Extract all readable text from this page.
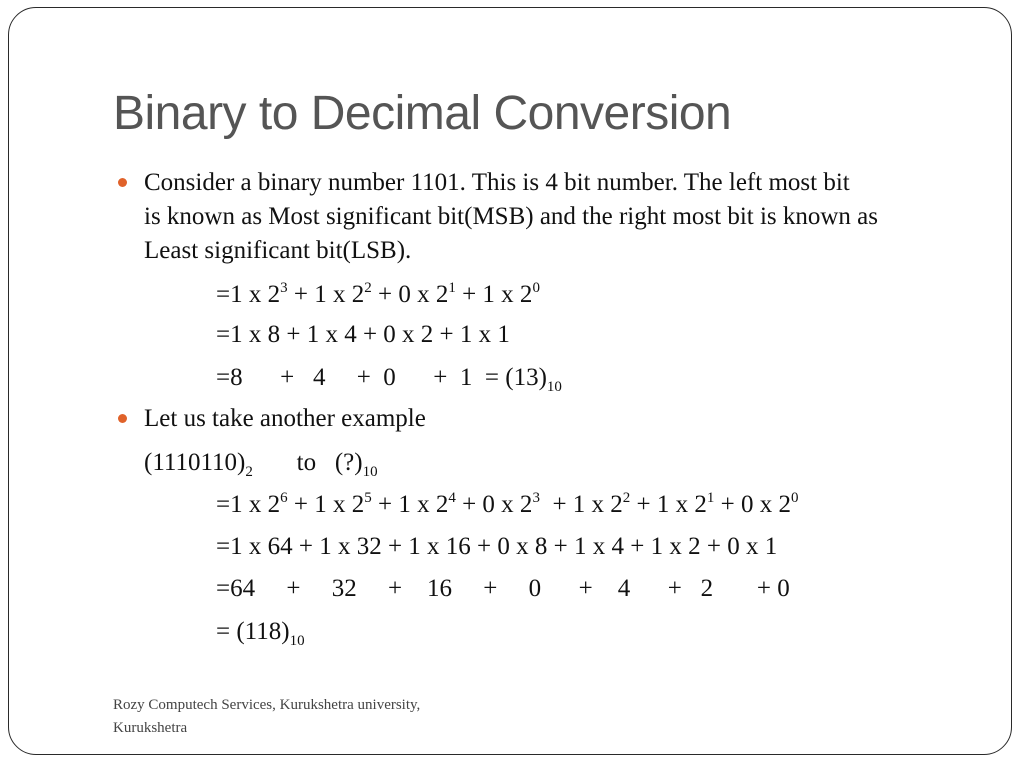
Binary to Decimal Conversion
Consider a binary number 1101. This is 4 bit number. The left most bit
is known as Most significant bit(MSB) and the right most bit is known as
Least significant bit(LSB).
=1 x $2^3 + 1$ x $2^2 + 0$ x $2^1 + 1$ x $2^0$
=1 x 8 + 1 x 4 + 0 x 2 + 1 x 1
=8      +   4     +  0      +  $1 = (13)_{10}$
Let us take another example
$(1110110)_2$       to   $(?)_{10}$
=1 x $2^6 + 1$ x $2^5 + 1$ x $2^4 + 0$ x $2^3 + 1$ x $2^2 + 1$ x $2^1 + 0$ x $2^0$
=1 x 64 + 1 x 32 + 1 x 16 + 0 x 8 + 1 x 4 + 1 x 2 + 0 x 1
=64     +     32     +    16     +     0      +    4      +   2       + 0
= $(118)_{10}$
Rozy Computech Services, Kurukshetra university,
Kurukshetra
